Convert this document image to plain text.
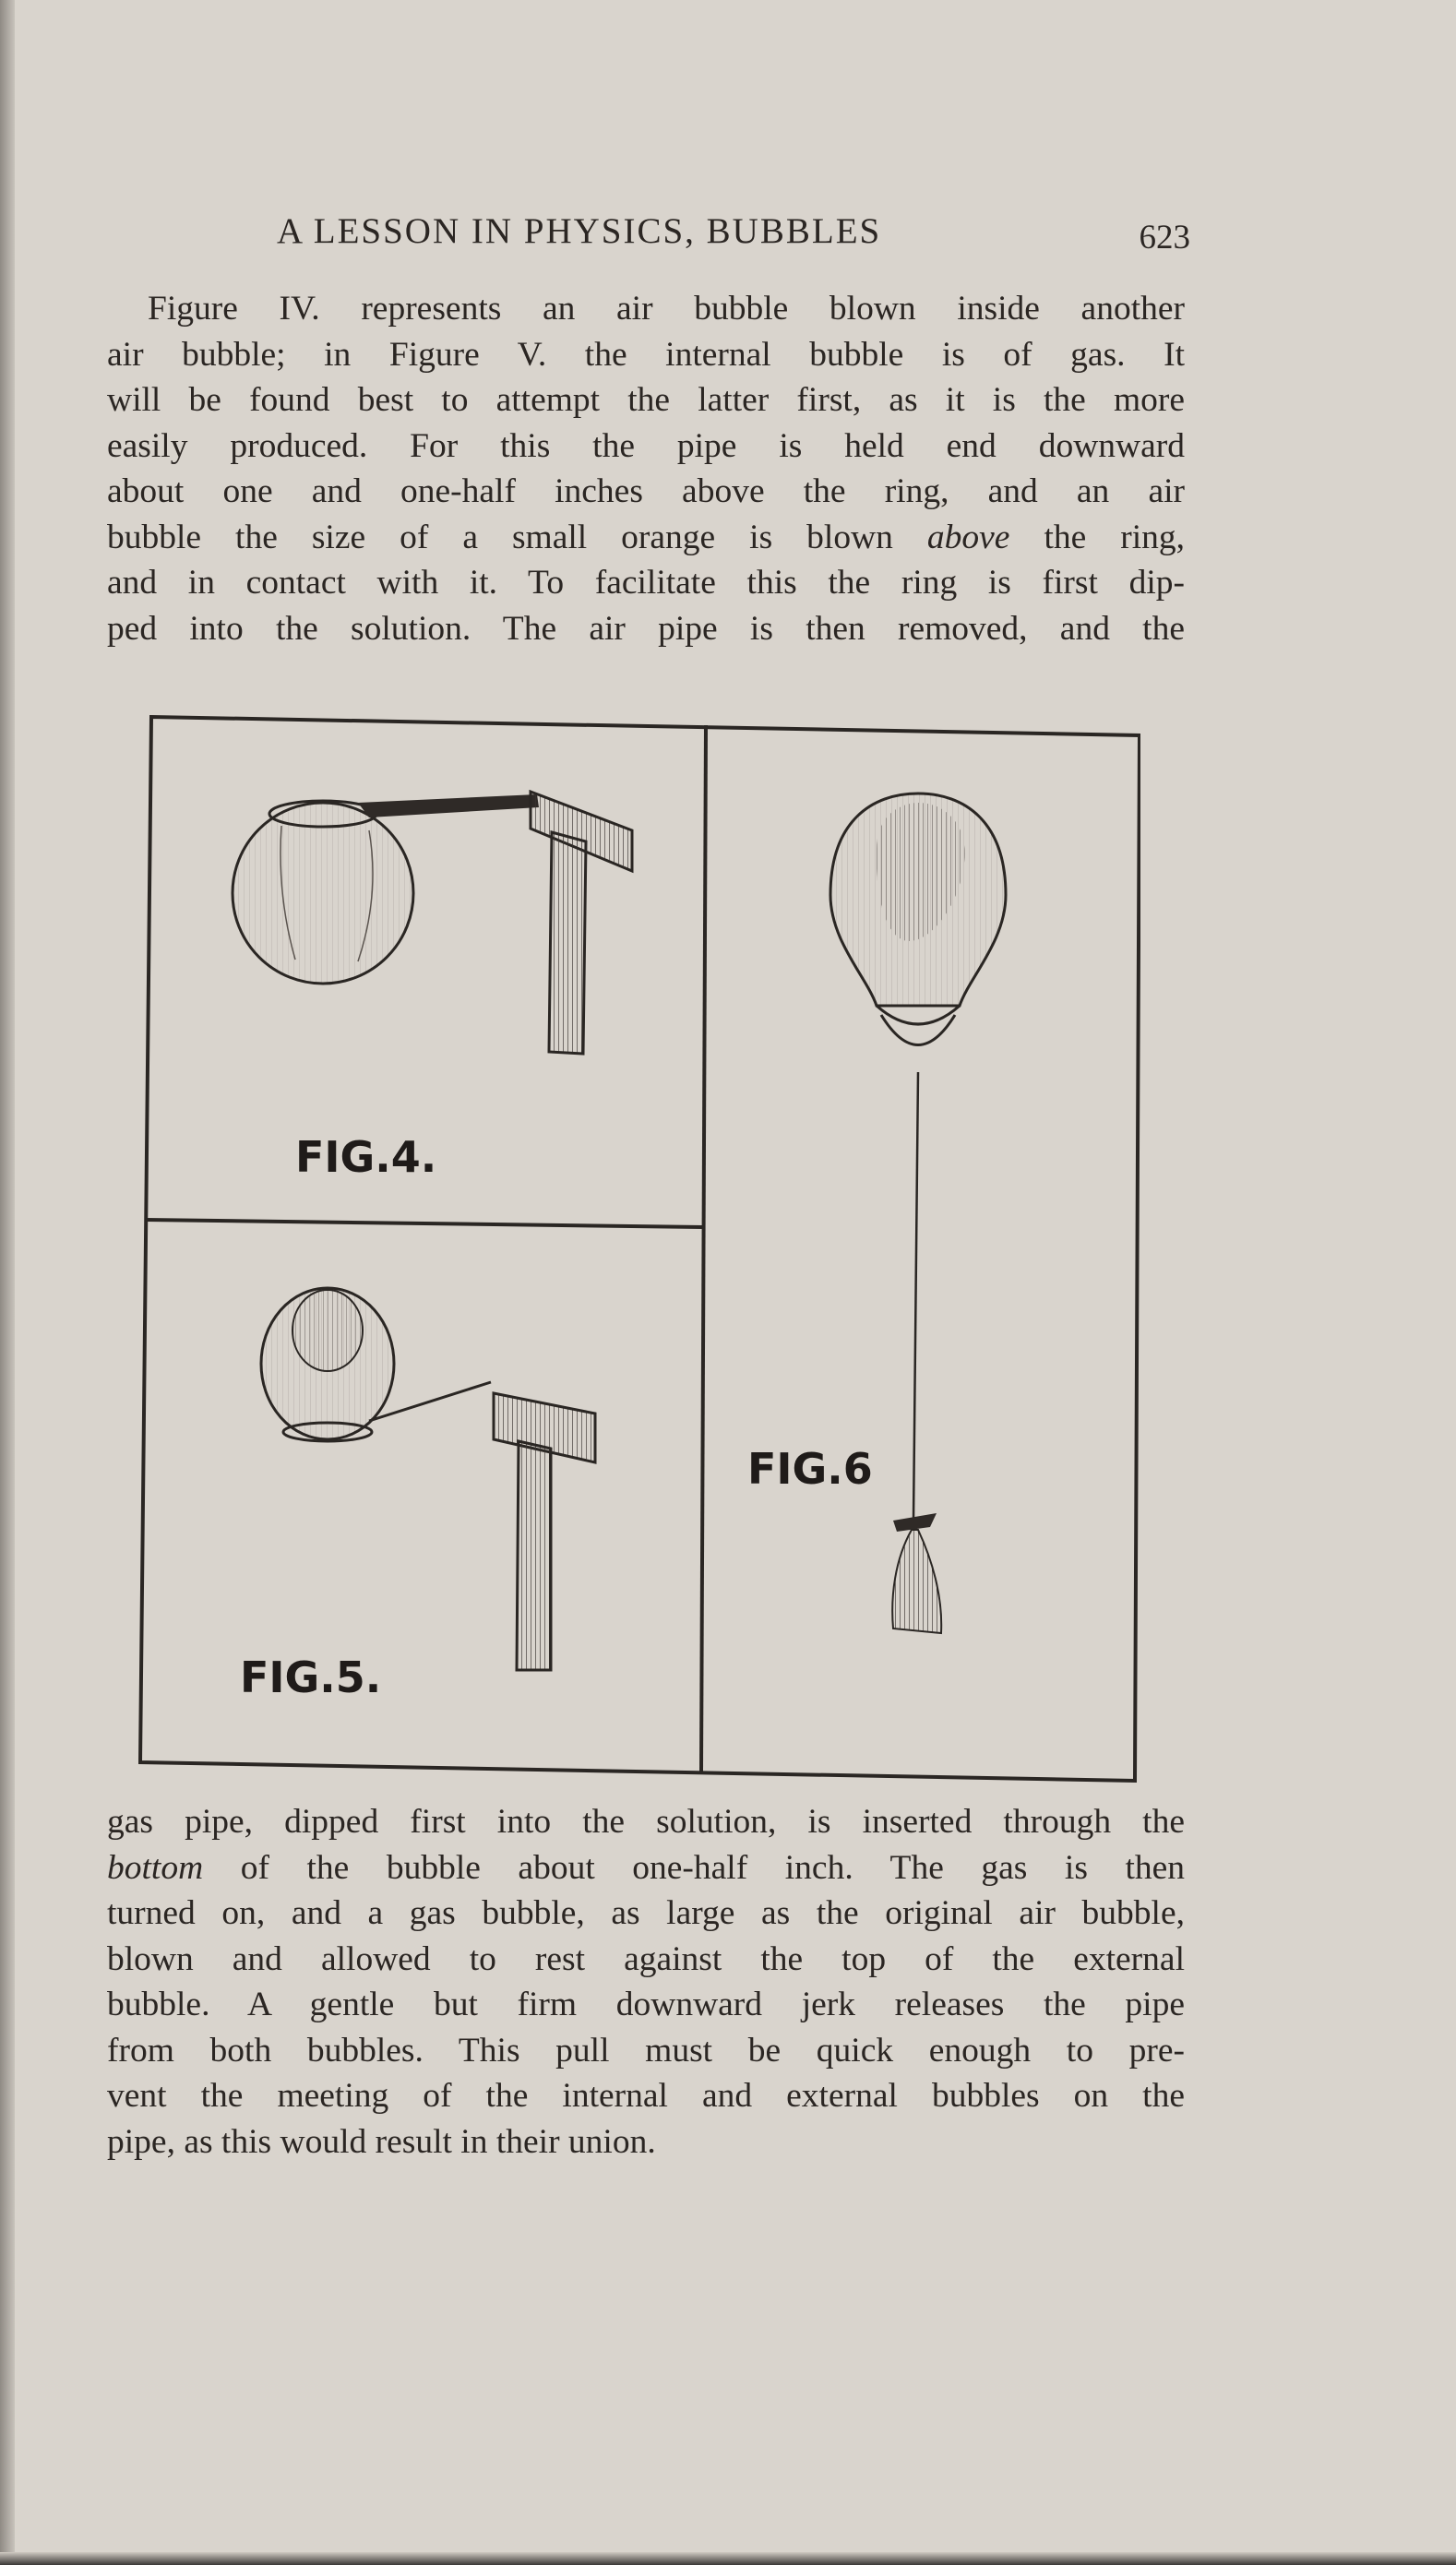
A LESSON IN PHYSICS, BUBBLES	623
Figure IV. represents an air bubble blown inside another
air bubble; in Figure V. the internal bubble is of gas. It
will be found best to attempt the latter first, as it is the more
easily produced. For this the pipe is held end downward
about one and one-half inches above the ring, and an air
bubble the size of a small orange is blown above the ring,
and in contact with it. To facilitate this the ring is first dip-
ped into the solution. The air pipe is then removed, and the
FIG.4.
FIG.5.
FIG.6
gas pipe, dipped first into the solution, is inserted through the
bottom of the bubble about one-half inch. The gas is then
turned on, and a gas bubble, as large as the original air bubble,
blown and allowed to rest against the top of the external
bubble. A gentle but firm downward jerk releases the pipe
from both bubbles. This pull must be quick enough to pre-
vent the meeting of the internal and external bubbles on the
pipe, as this would result in their union.
